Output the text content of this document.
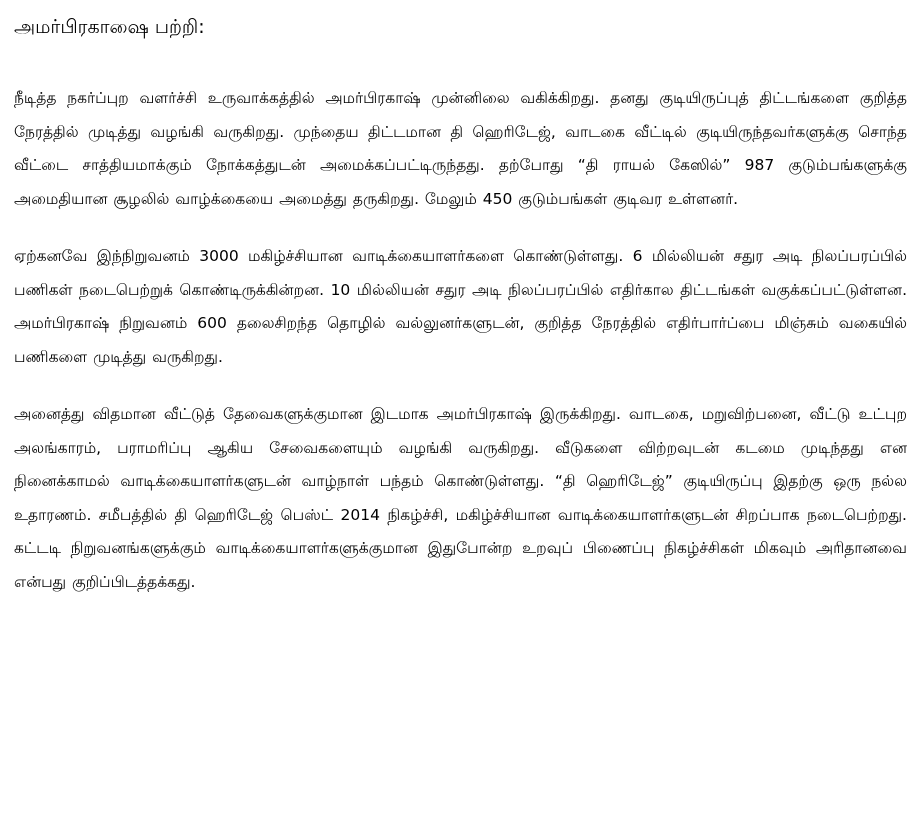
அமர்பிரகாஷை பற்றி:

நீடித்த நகர்ப்புற வளர்ச்சி உருவாக்கத்தில் அமர்பிரகாஷ் முன்னிலை வகிக்கிறது. தனது குடியிருப்புத் திட்டங்களை குறித்த நேரத்தில் முடித்து வழங்கி வருகிறது. முந்தைய திட்டமான தி ஹெரிடேஜ், வாடகை வீட்டில் குடியிருந்தவர்களுக்கு சொந்த வீட்டை சாத்தியமாக்கும் நோக்கத்துடன் அமைக்கப்பட்டிருந்தது. தற்போது “தி ராயல் கேஸில்” 987 குடும்பங்களுக்கு அமைதியான சூழலில் வாழ்க்கையை அமைத்து தருகிறது. மேலும் 450 குடும்பங்கள் குடிவர உள்ளனர்.

ஏற்கனவே இந்நிறுவனம் 3000 மகிழ்ச்சியான வாடிக்கையாளர்களை கொண்டுள்ளது. 6 மில்லியன் சதுர அடி நிலப்பரப்பில் பணிகள் நடைபெற்றுக் கொண்டிருக்கின்றன. 10 மில்லியன் சதுர அடி நிலப்பரப்பில் எதிர்கால திட்டங்கள் வகுக்கப்பட்டுள்ளன. அமர்பிரகாஷ் நிறுவனம் 600 தலைசிறந்த தொழில் வல்லுனர்களுடன், குறித்த நேரத்தில் எதிர்பார்ப்பை மிஞ்சும் வகையில் பணிகளை முடித்து வருகிறது.

அனைத்து விதமான வீட்டுத் தேவைகளுக்குமான இடமாக அமர்பிரகாஷ் இருக்கிறது. வாடகை, மறுவிற்பனை, வீட்டு உட்புற அலங்காரம், பராமரிப்பு ஆகிய சேவைகளையும் வழங்கி வருகிறது. வீடுகளை விற்றவுடன் கடமை முடிந்தது என நினைக்காமல் வாடிக்கையாளர்களுடன் வாழ்நாள் பந்தம் கொண்டுள்ளது. “தி ஹெரிடேஜ்” குடியிருப்பு இதற்கு ஒரு நல்ல உதாரணம். சமீபத்தில் தி ஹெரிடேஜ் பெஸ்ட் 2014 நிகழ்ச்சி, மகிழ்ச்சியான வாடிக்கையாளர்களுடன் சிறப்பாக நடைபெற்றது. கட்டடி நிறுவனங்களுக்கும் வாடிக்கையாளர்களுக்குமான இதுபோன்ற உறவுப் பிணைப்பு நிகழ்ச்சிகள் மிகவும் அரிதானவை என்பது குறிப்பிடத்தக்கது.
